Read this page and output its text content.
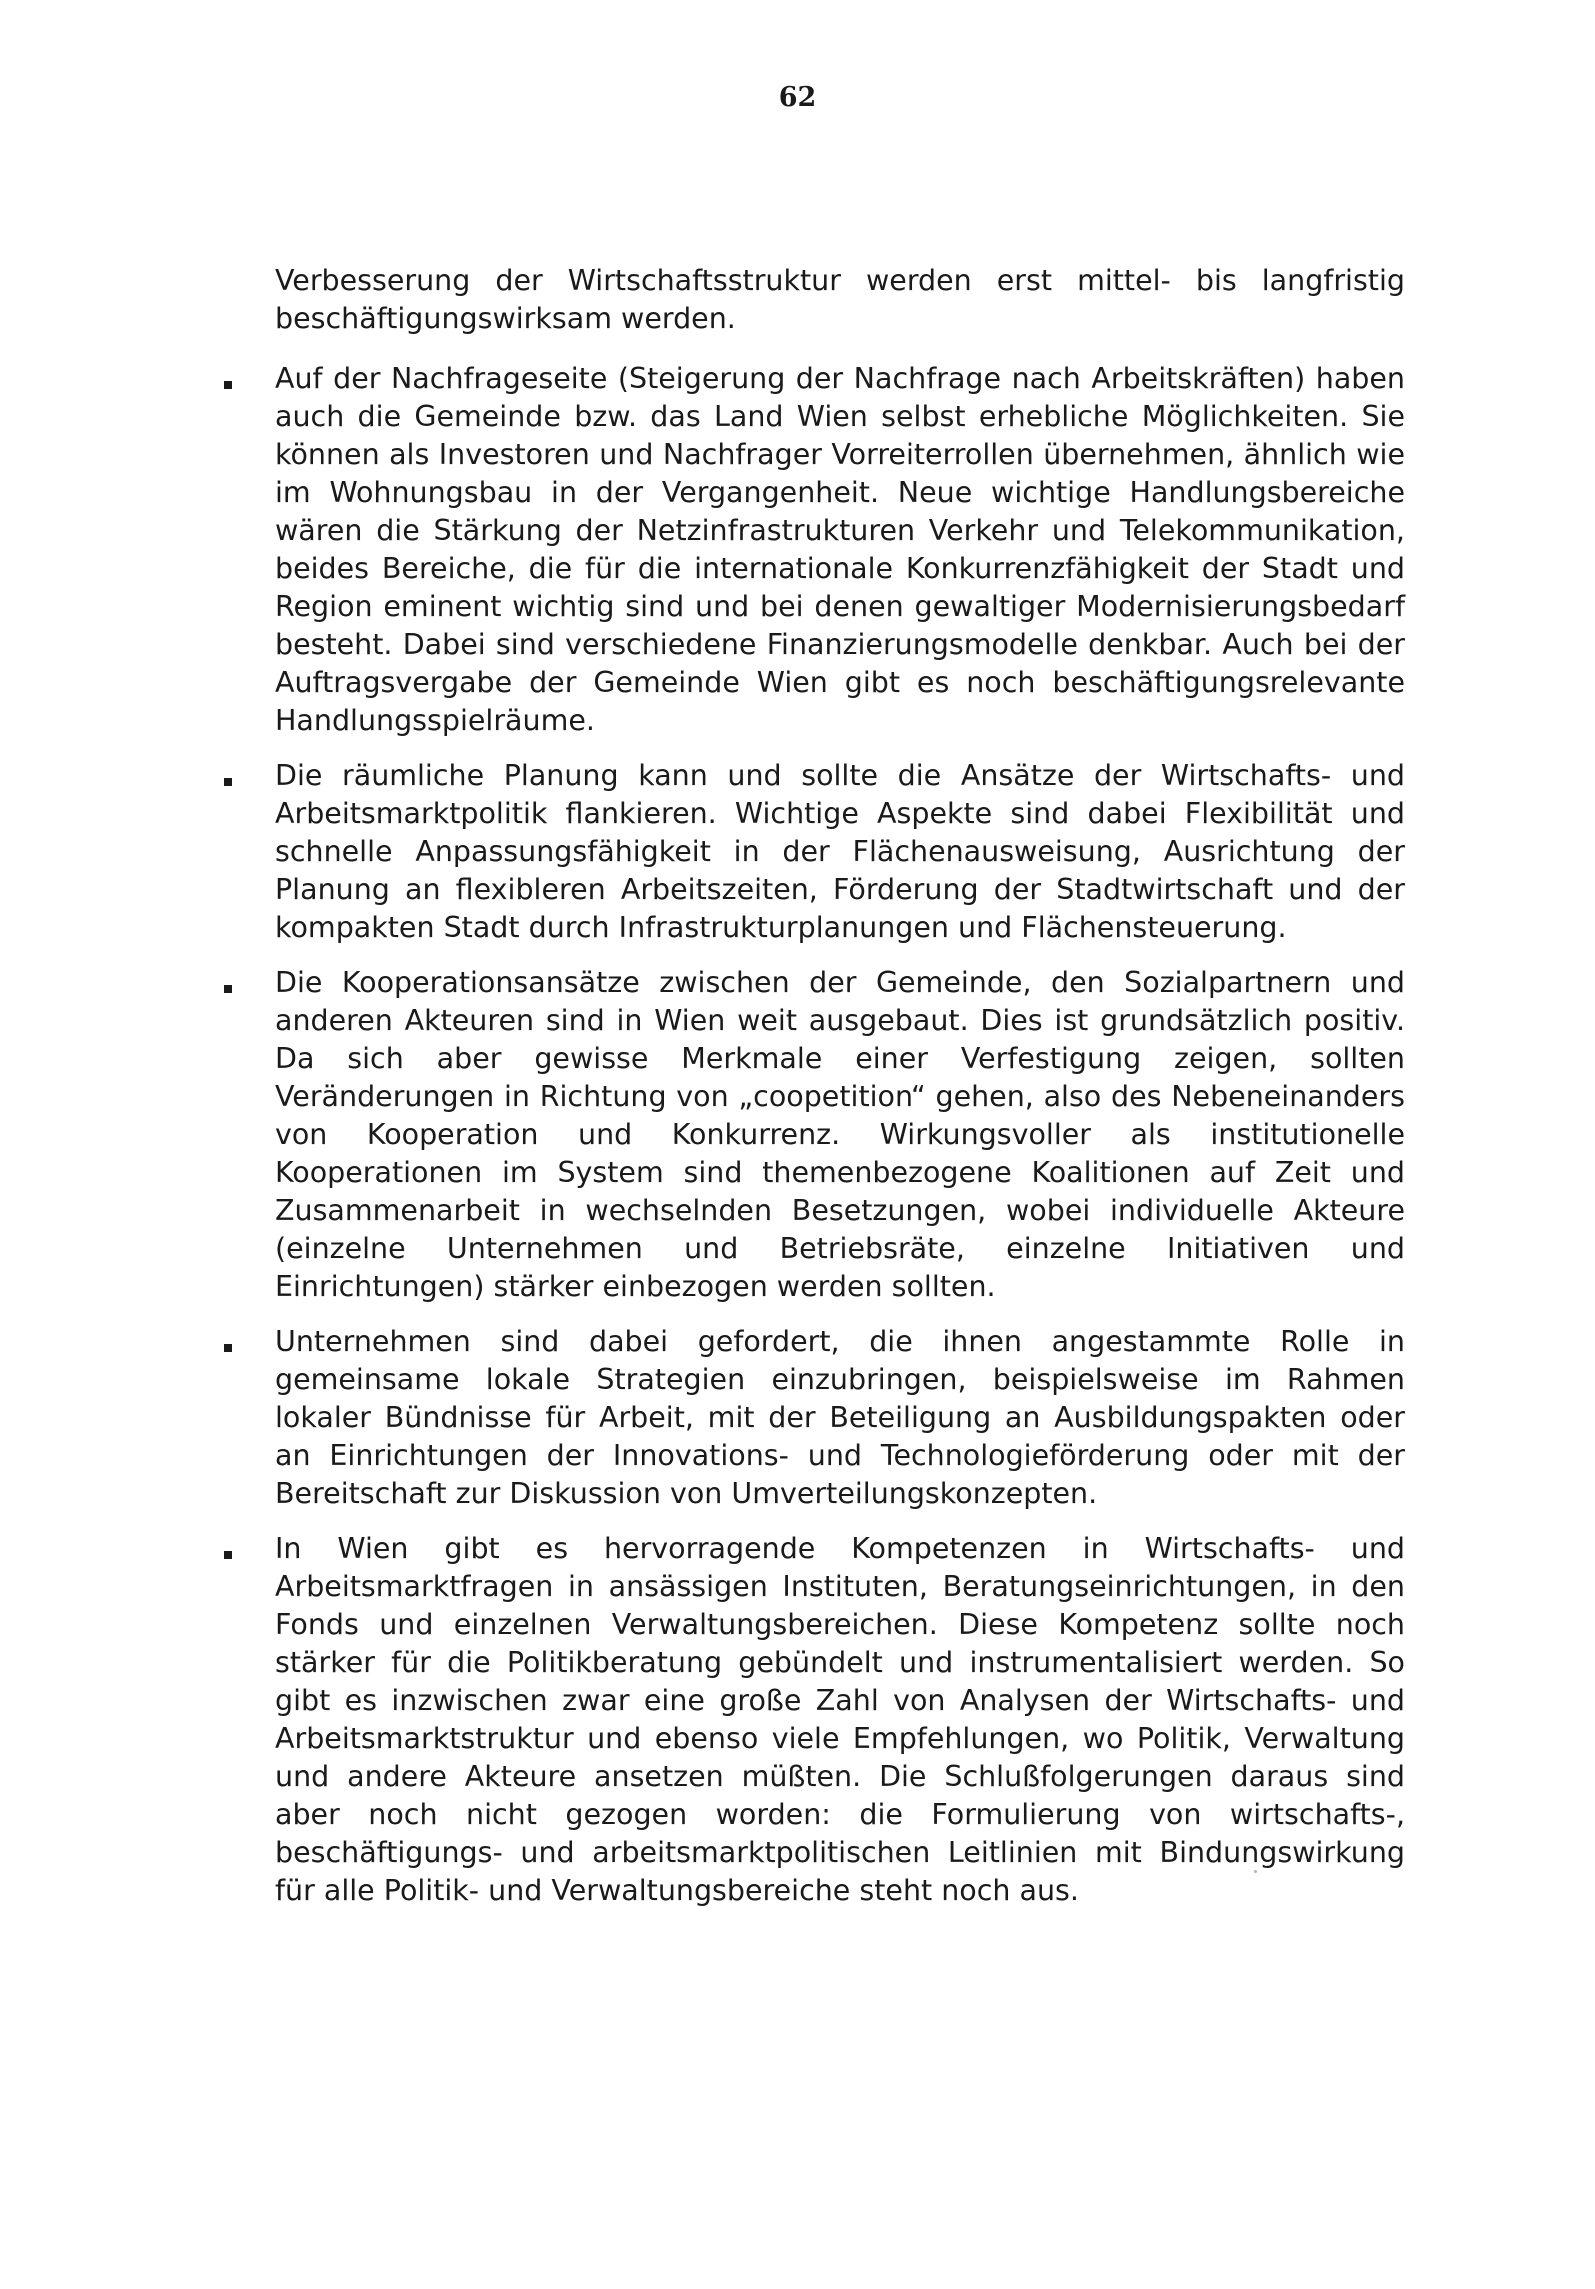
62

Verbesserung der Wirtschaftsstruktur werden erst mittel- bis langfristig beschäftigungswirksam werden.

Auf der Nachfrageseite (Steigerung der Nachfrage nach Arbeitskräften) haben auch die Gemeinde bzw. das Land Wien selbst erhebliche Möglichkeiten. Sie können als Investoren und Nachfrager Vorreiterrollen übernehmen, ähnlich wie im Wohnungsbau in der Vergangenheit. Neue wichtige Handlungsbereiche wären die Stärkung der Netzinfrastrukturen Verkehr und Telekommunikation, beides Bereiche, die für die internationale Konkurrenzfähigkeit der Stadt und Region eminent wichtig sind und bei denen gewaltiger Modernisierungsbedarf besteht. Dabei sind verschiedene Finanzierungsmodelle denkbar. Auch bei der Auftragsvergabe der Gemeinde Wien gibt es noch beschäftigungsrelevante Handlungsspielräume.
Die räumliche Planung kann und sollte die Ansätze der Wirtschafts- und Arbeitsmarktpolitik flankieren. Wichtige Aspekte sind dabei Flexibilität und schnelle Anpassungsfähigkeit in der Flächenausweisung, Ausrichtung der Planung an flexibleren Arbeitszeiten, Förderung der Stadtwirtschaft und der kompakten Stadt durch Infrastrukturplanungen und Flächensteuerung.
Die Kooperationsansätze zwischen der Gemeinde, den Sozialpartnern und anderen Akteuren sind in Wien weit ausgebaut. Dies ist grundsätzlich positiv. Da sich aber gewisse Merkmale einer Verfestigung zeigen, sollten Veränderungen in Richtung von „coopetition“ gehen, also des Nebeneinanders von Kooperation und Konkurrenz. Wirkungsvoller als institutionelle Kooperationen im System sind themenbezogene Koalitionen auf Zeit und Zusammenarbeit in wechselnden Besetzungen, wobei individuelle Akteure (einzelne Unternehmen und Betriebsräte, einzelne Initiativen und Einrichtungen) stärker einbezogen werden sollten.
Unternehmen sind dabei gefordert, die ihnen angestammte Rolle in gemeinsame lokale Strategien einzubringen, beispielsweise im Rahmen lokaler Bündnisse für Arbeit, mit der Beteiligung an Ausbildungspakten oder an Einrichtungen der Innovations- und Technologieförderung oder mit der Bereitschaft zur Diskussion von Umverteilungskonzepten.
In Wien gibt es hervorragende Kompetenzen in Wirtschafts- und Arbeitsmarktfragen in ansässigen Instituten, Beratungseinrichtungen, in den Fonds und einzelnen Verwaltungsbereichen. Diese Kompetenz sollte noch stärker für die Politikberatung gebündelt und instrumentalisiert werden. So gibt es inzwischen zwar eine große Zahl von Analysen der Wirtschafts- und Arbeitsmarktstruktur und ebenso viele Empfehlungen, wo Politik, Verwaltung und andere Akteure ansetzen müßten. Die Schlußfolgerungen daraus sind aber noch nicht gezogen worden: die Formulierung von wirtschafts-, beschäftigungs- und arbeitsmarktpolitischen Leitlinien mit Bindungswirkung für alle Politik- und Verwaltungsbereiche steht noch aus.
